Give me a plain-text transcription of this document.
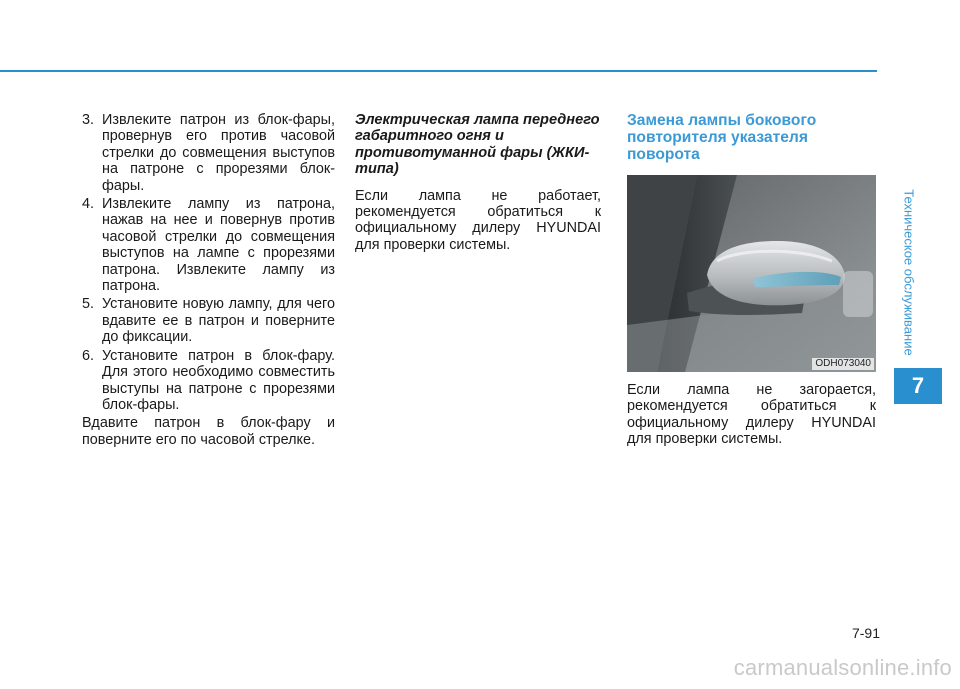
3. Извлеките патрон из блок-фары, провернув его против часовой стрелки до совмещения выступов на патроне с прорезями блок-фары.
4. Извлеките лампу из патрона, нажав на нее и повернув против часовой стрелки до совмещения выступов на лампе с прорезями патрона. Извлеките лампу из патрона.
5. Установите новую лампу, для чего вдавите ее в патрон и поверните до фиксации.
6. Установите патрон в блок-фару. Для этого необходимо совместить выступы на патроне с прорезями блок-фары.

Вдавите патрон в блок-фару и поверните его по часовой стрелке.

Электрическая лампа переднего габаритного огня и противотуманной фары (ЖКИ-типа)

Если лампа не работает, рекомендуется обратиться к официальному дилеру HYUNDAI для проверки системы.

Замена лампы бокового повторителя указателя поворота
ODH073040

Если лампа не загорается, рекомендуется обратиться к официальному дилеру HYUNDAI для проверки системы.

Техническое обслуживание
7
7-91
carmanualsonline.info
